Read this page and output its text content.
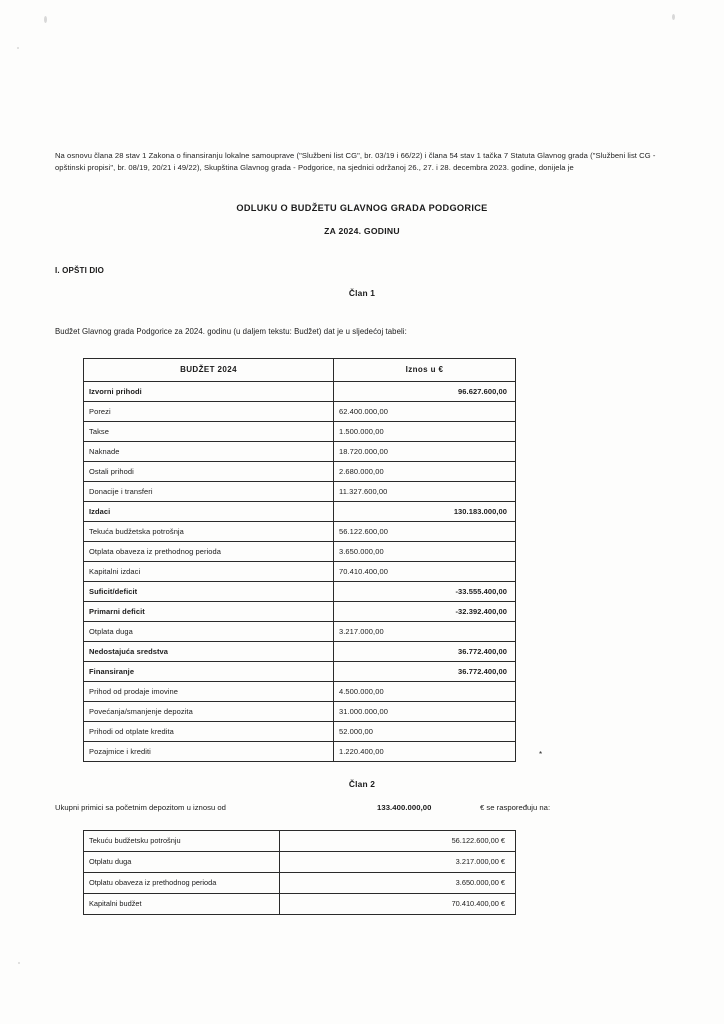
Na osnovu člana 28 stav 1 Zakona o finansiranju lokalne samouprave ("Službeni list CG", br. 03/19 i 66/22) i člana 54 stav 1 tačka 7 Statuta Glavnog grada ("Službeni list CG -opštinski propisi", br. 08/19, 20/21 i 49/22), Skupština Glavnog grada - Podgorice, na sjednici održanoj 26., 27. i 28. decembra 2023. godine, donijela je
ODLUKU O BUDŽETU GLAVNOG GRADA PODGORICE
ZA 2024. GODINU
I. OPŠTI DIO
Član 1
Budžet Glavnog grada Podgorice za 2024. godinu (u daljem tekstu: Budžet) dat je u sljedećoj tabeli:
BUDŽET 2024	Iznos u €
Izvorni prihodi	96.627.600,00
Porezi	62.400.000,00
Takse	1.500.000,00
Naknade	18.720.000,00
Ostali prihodi	2.680.000,00
Donacije i transferi	11.327.600,00
Izdaci	130.183.000,00
Tekuća budžetska potrošnja	56.122.600,00
Otplata obaveza iz prethodnog perioda	3.650.000,00
Kapitalni izdaci	70.410.400,00
Suficit/deficit	-33.555.400,00
Primarni deficit	-32.392.400,00
Otplata duga	3.217.000,00
Nedostajuća sredstva	36.772.400,00
Finansiranje	36.772.400,00
Prihod od prodaje imovine	4.500.000,00
Povećanja/smanjenje depozita	31.000.000,00
Prihodi od otplate kredita	52.000,00
Pozajmice i krediti	1.220.400,00	*
Član 2
Ukupni primici sa početnim depozitom u iznosu od	133.400.000,00	€ se raspoređuju na:
Tekuću budžetsku potrošnju	56.122.600,00 €
Otplatu duga	3.217.000,00 €
Otplatu obaveza iz prethodnog perioda	3.650.000,00 €
Kapitalni budžet	70.410.400,00 €
